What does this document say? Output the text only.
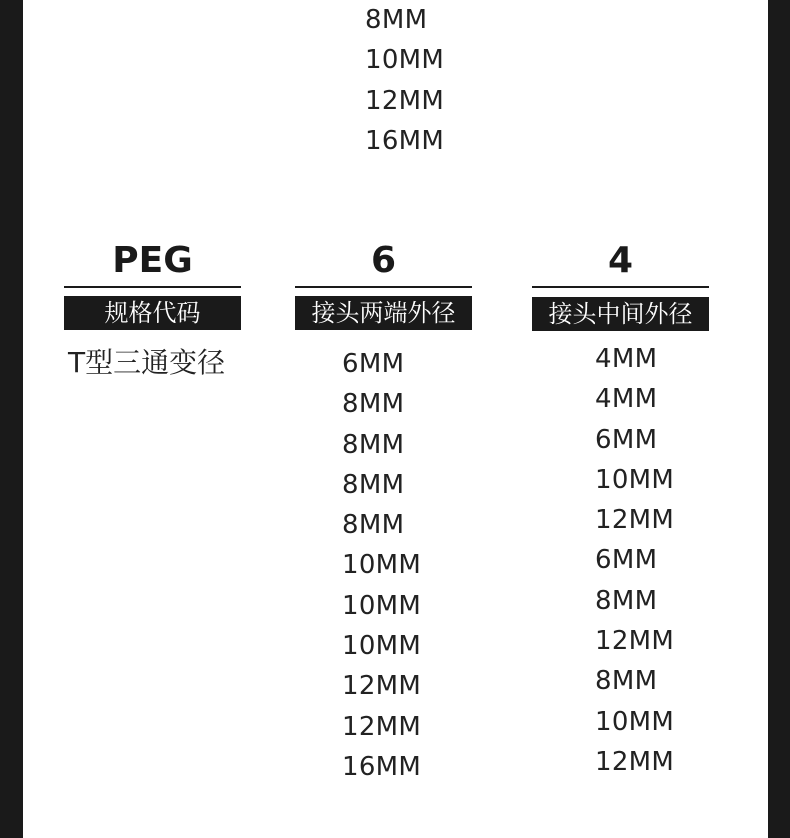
8MM
10MM
12MM
16MM
PEG
规格代码
6
接头两端外径
4
接头中间外径
T型三通变径	6MM
8MM
8MM
8MM
8MM
10MM
10MM
10MM
12MM
12MM
16MM
4MM
4MM
6MM
10MM
12MM
6MM
8MM
12MM
8MM
10MM
12MM
